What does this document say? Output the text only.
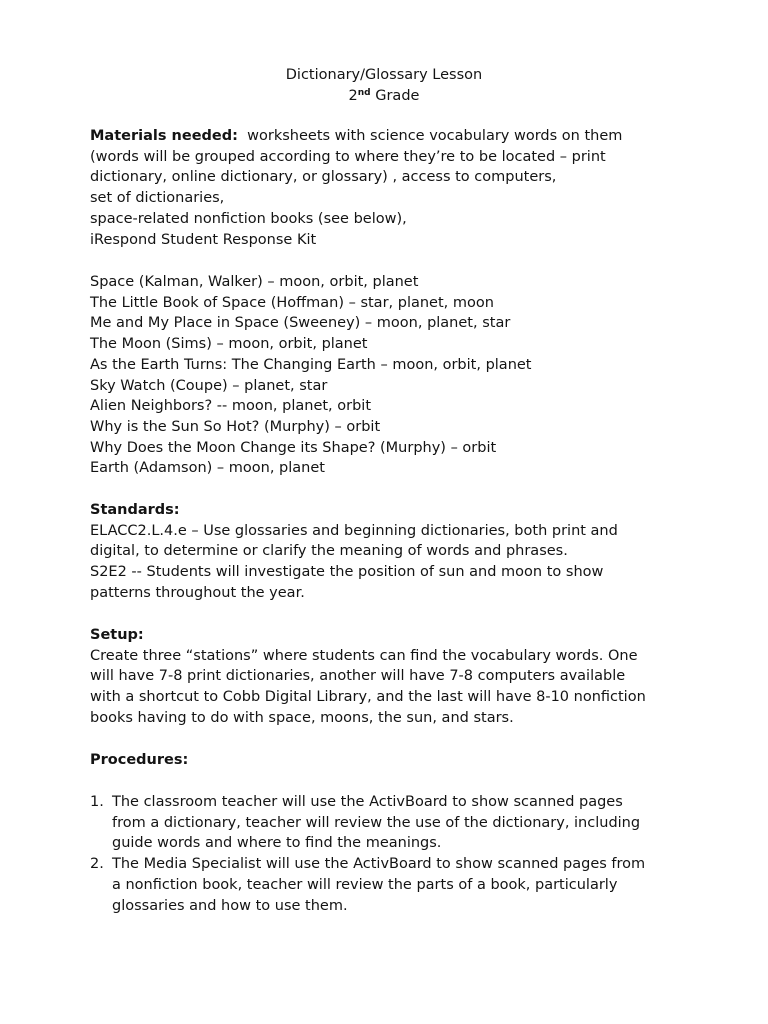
Dictionary/Glossary Lesson
2nd Grade
Materials needed: worksheets with science vocabulary words on them
(words will be grouped according to where they’re to be located – print
dictionary, online dictionary, or glossary) , access to computers,
set of dictionaries,
space-related nonfiction books (see below),
iRespond Student Response Kit
Space (Kalman, Walker) – moon, orbit, planet
The Little Book of Space (Hoffman) – star, planet, moon
Me and My Place in Space (Sweeney) – moon, planet, star
The Moon (Sims) – moon, orbit, planet
As the Earth Turns: The Changing Earth – moon, orbit, planet
Sky Watch (Coupe) – planet, star
Alien Neighbors? -- moon, planet, orbit
Why is the Sun So Hot? (Murphy) – orbit
Why Does the Moon Change its Shape? (Murphy) – orbit
Earth (Adamson) – moon, planet
Standards:
ELACC2.L.4.e – Use glossaries and beginning dictionaries, both print and
digital, to determine or clarify the meaning of words and phrases.
S2E2 -- Students will investigate the position of sun and moon to show
patterns throughout the year.
Setup:
Create three “stations” where students can find the vocabulary words. One
will have 7-8 print dictionaries, another will have 7-8 computers available
with a shortcut to Cobb Digital Library, and the last will have 8-10 nonfiction
books having to do with space, moons, the sun, and stars.
Procedures:
1. The classroom teacher will use the ActivBoard to show scanned pages
from a dictionary, teacher will review the use of the dictionary, including
guide words and where to find the meanings.
2. The Media Specialist will use the ActivBoard to show scanned pages from
a nonfiction book, teacher will review the parts of a book, particularly
glossaries and how to use them.
